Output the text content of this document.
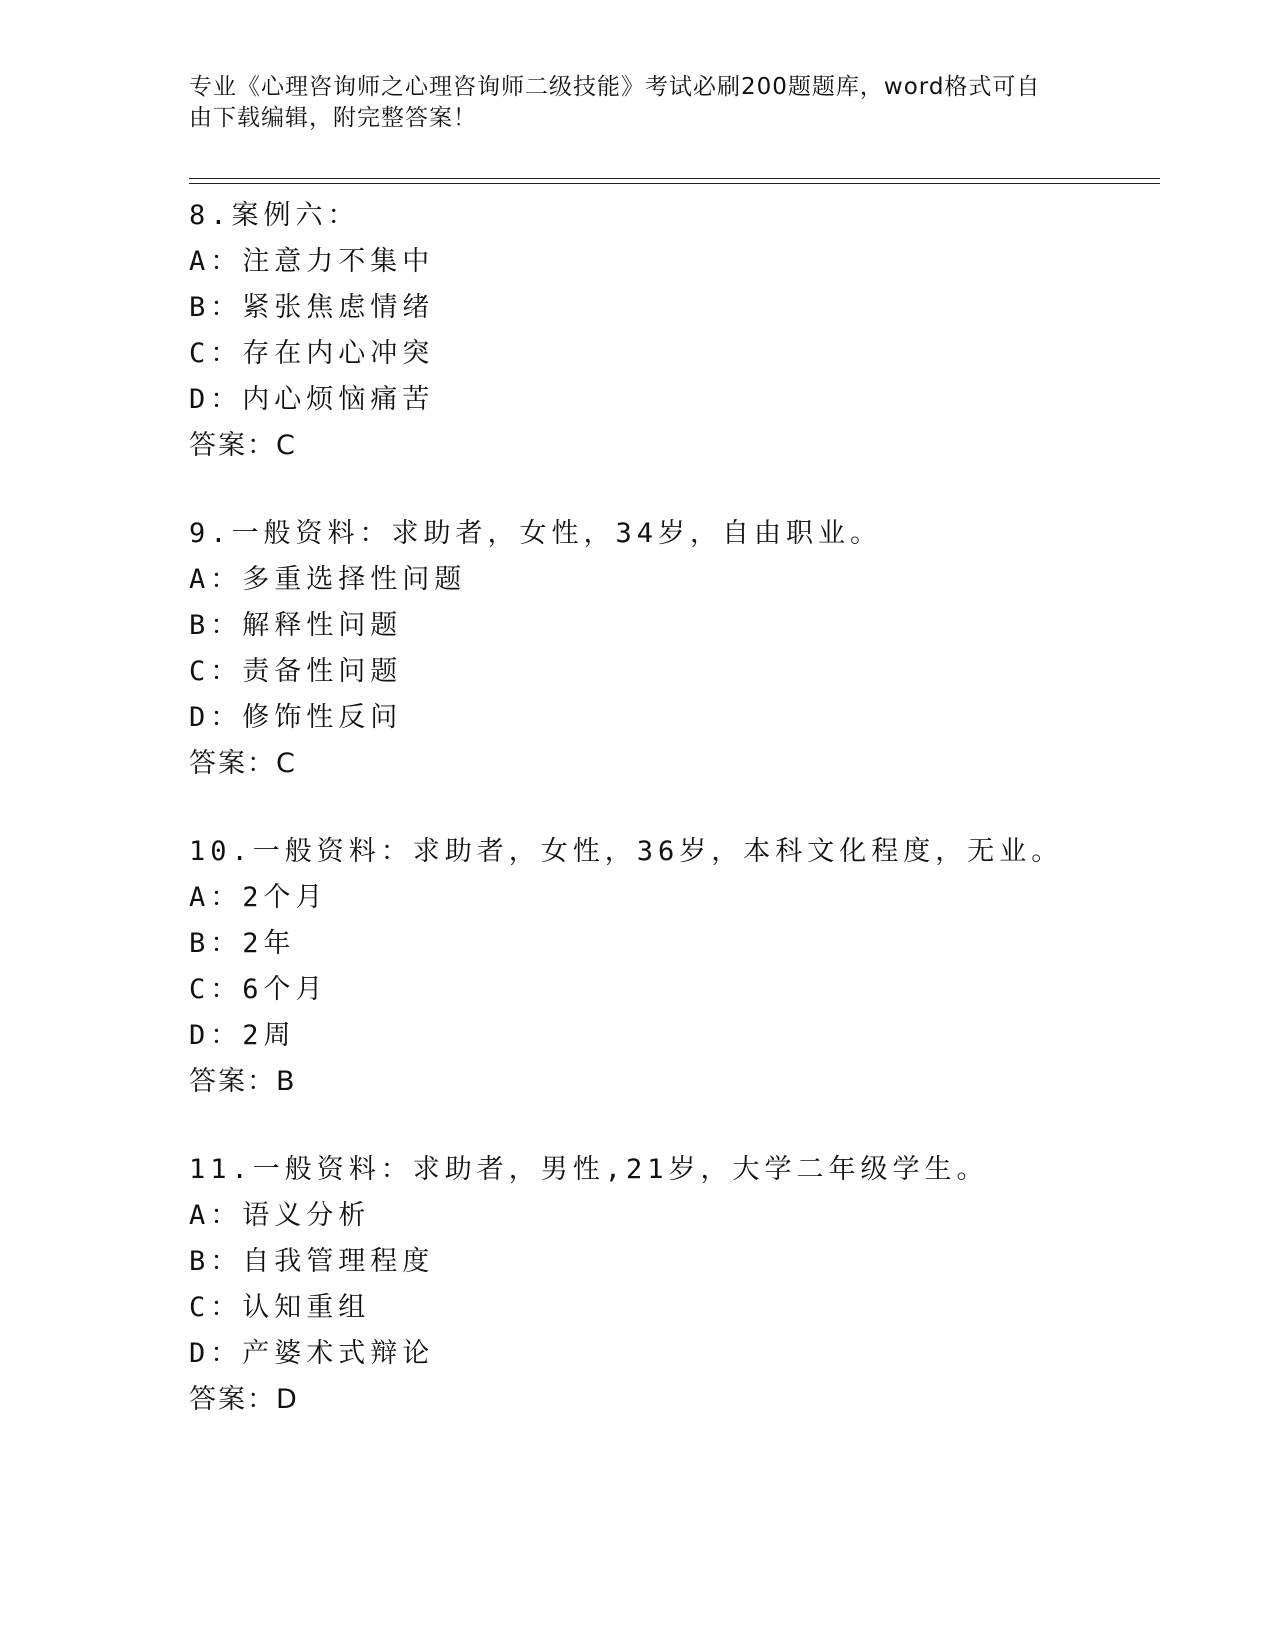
专业《心理咨询师之心理咨询师二级技能》考试必刷200题题库，word格式可自
由下载编辑，附完整答案！
8.案例六：
A：注意力不集中
B：紧张焦虑情绪
C：存在内心冲突
D：内心烦恼痛苦
答案：C
9.一般资料：求助者，女性，34岁，自由职业。
A：多重选择性问题
B：解释性问题
C：责备性问题
D：修饰性反问
答案：C
10.一般资料：求助者，女性，36岁，本科文化程度，无业。
A：2个月
B：2年
C：6个月
D：2周
答案：B
11.一般资料：求助者，男性,21岁，大学二年级学生。
A：语义分析
B：自我管理程度
C：认知重组
D：产婆术式辩论
答案：D
